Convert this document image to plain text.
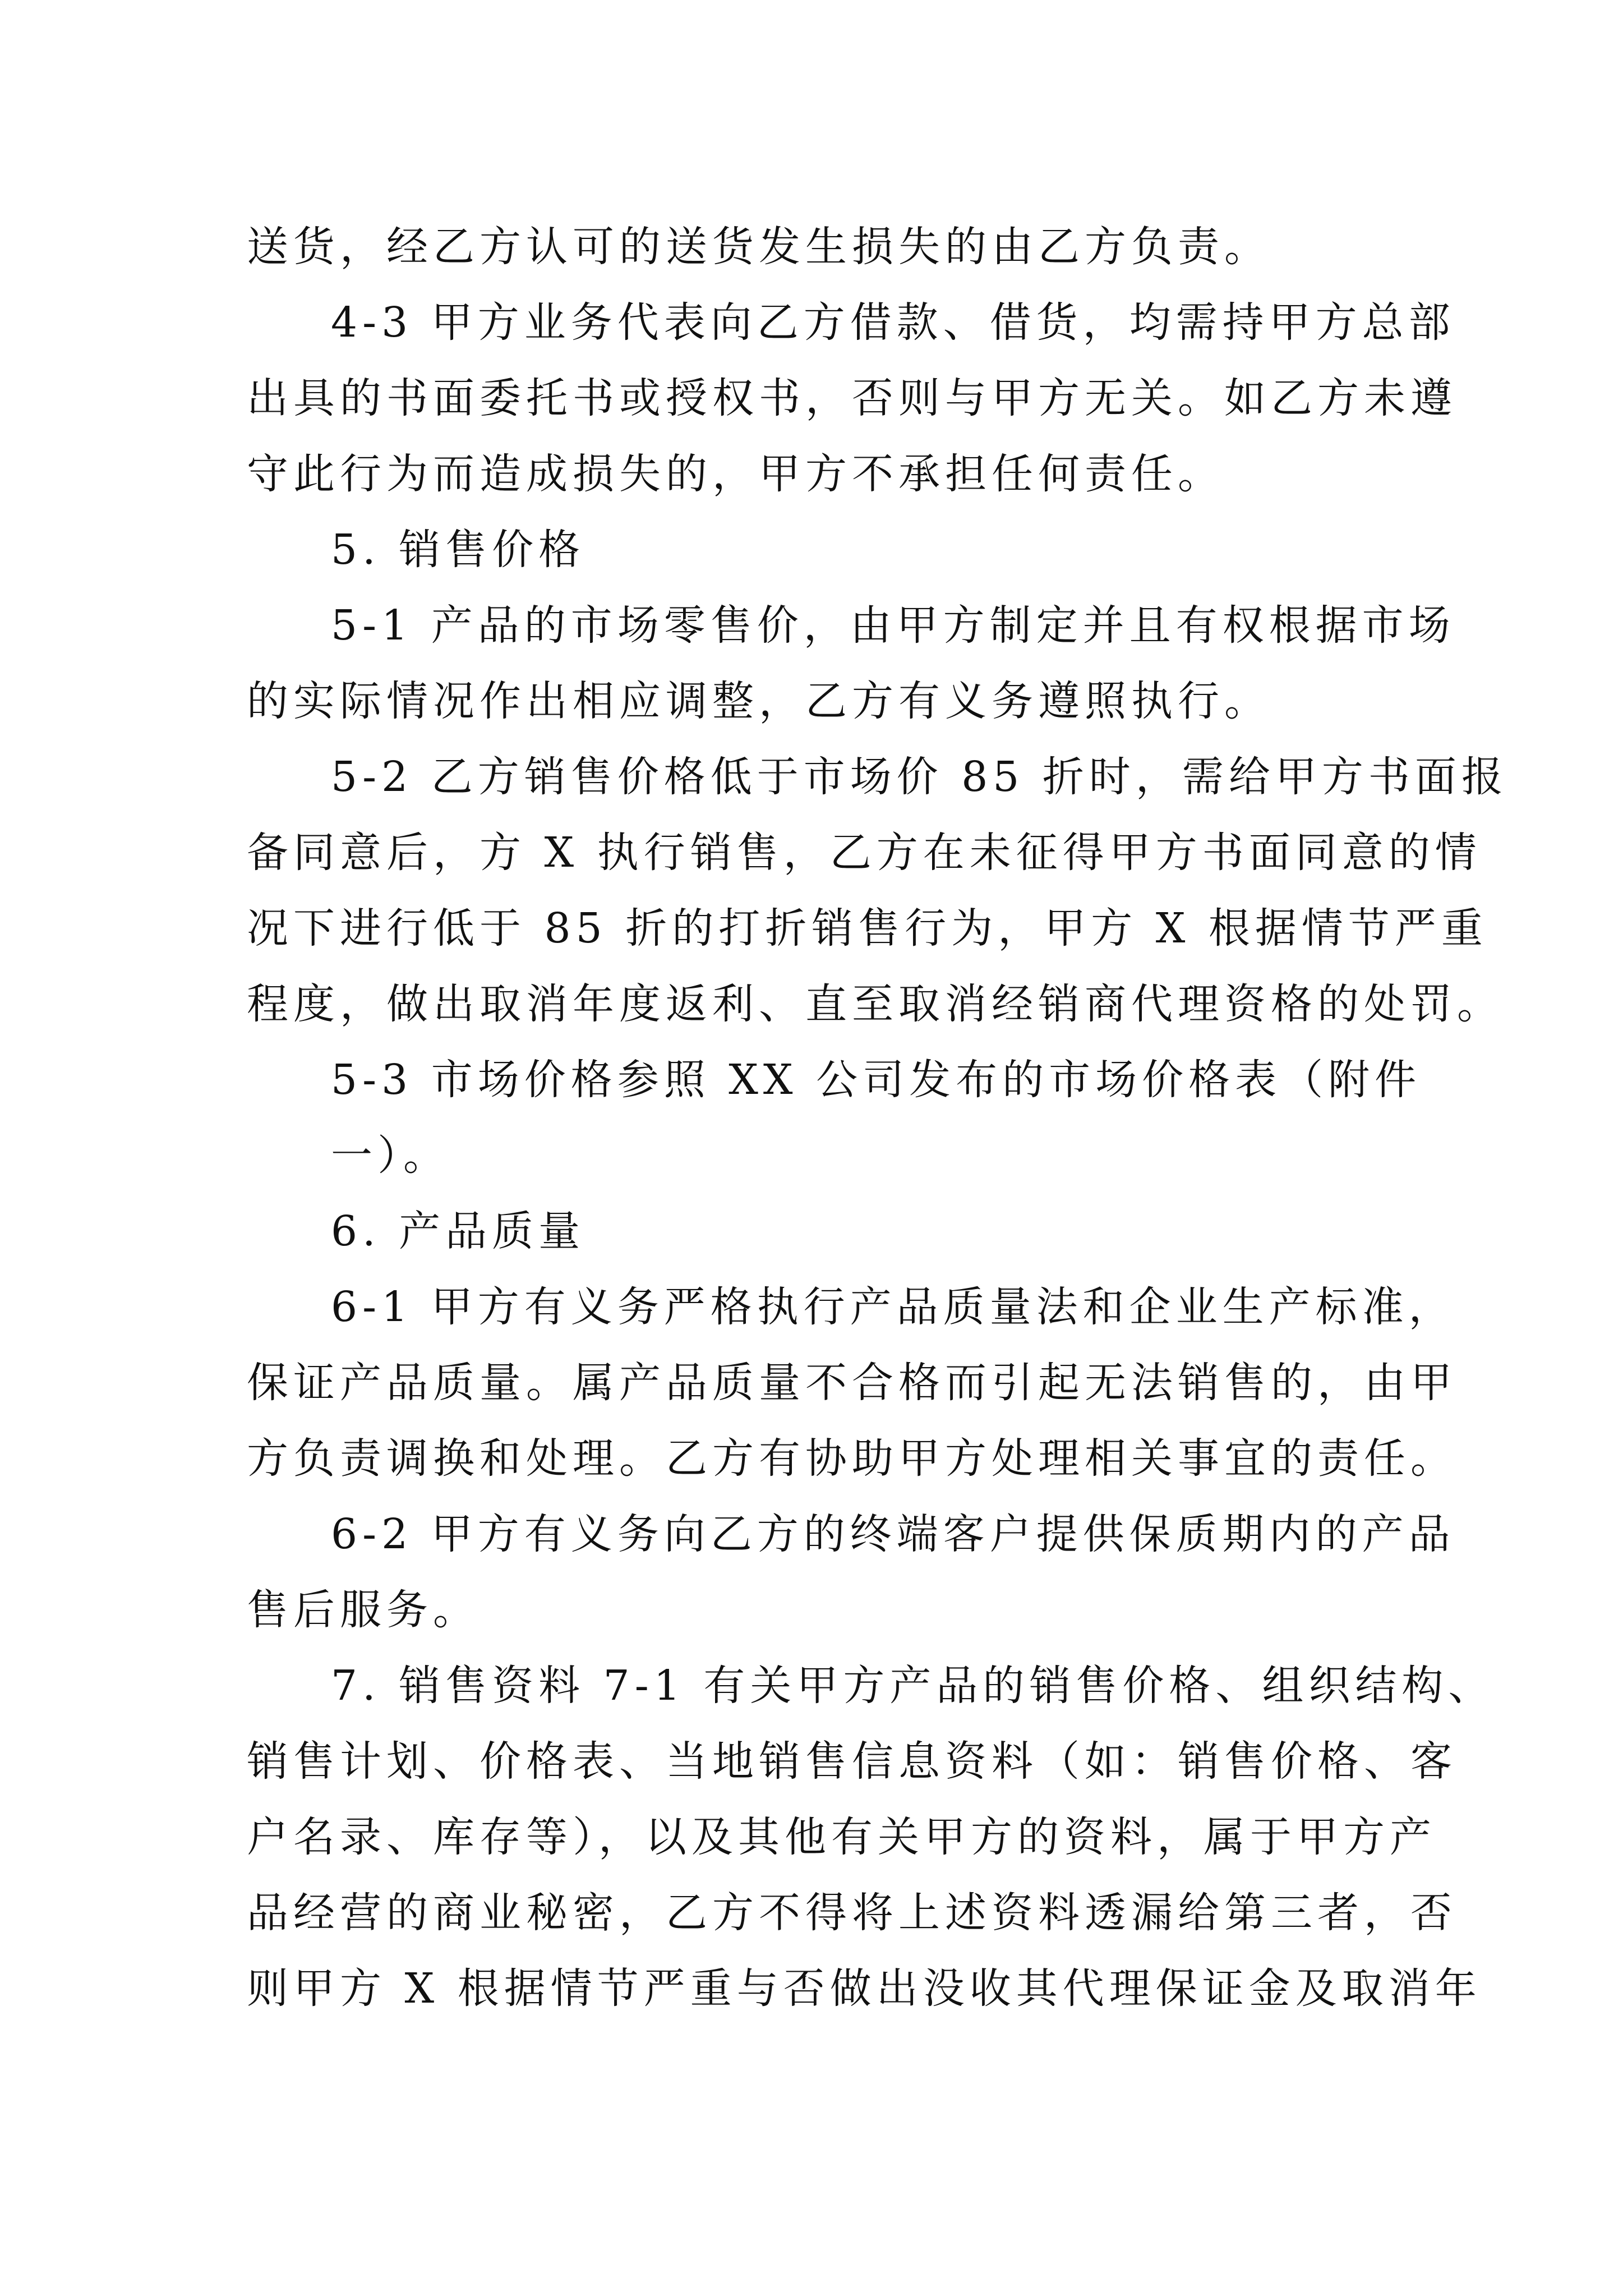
送货，经乙方认可的送货发生损失的由乙方负责。
4-3 甲方业务代表向乙方借款、借货，均需持甲方总部
出具的书面委托书或授权书，否则与甲方无关。如乙方未遵
守此行为而造成损失的，甲方不承担任何责任。
5. 销售价格
5-1 产品的市场零售价，由甲方制定并且有权根据市场
的实际情况作出相应调整，乙方有义务遵照执行。
5-2 乙方销售价格低于市场价 85 折时，需给甲方书面报
备同意后，方 X 执行销售，乙方在未征得甲方书面同意的情
况下进行低于 85 折的打折销售行为，甲方 X 根据情节严重
程度，做出取消年度返利、直至取消经销商代理资格的处罚。
5-3 市场价格参照 XX 公司发布的市场价格表（附件
一）。
6. 产品质量
6-1 甲方有义务严格执行产品质量法和企业生产标准，
保证产品质量。属产品质量不合格而引起无法销售的，由甲
方负责调换和处理。乙方有协助甲方处理相关事宜的责任。
6-2 甲方有义务向乙方的终端客户提供保质期内的产品
售后服务。
7. 销售资料 7-1 有关甲方产品的销售价格、组织结构、
销售计划、价格表、当地销售信息资料（如：销售价格、客
户名录、库存等），以及其他有关甲方的资料，属于甲方产
品经营的商业秘密，乙方不得将上述资料透漏给第三者，否
则甲方 X 根据情节严重与否做出没收其代理保证金及取消年
